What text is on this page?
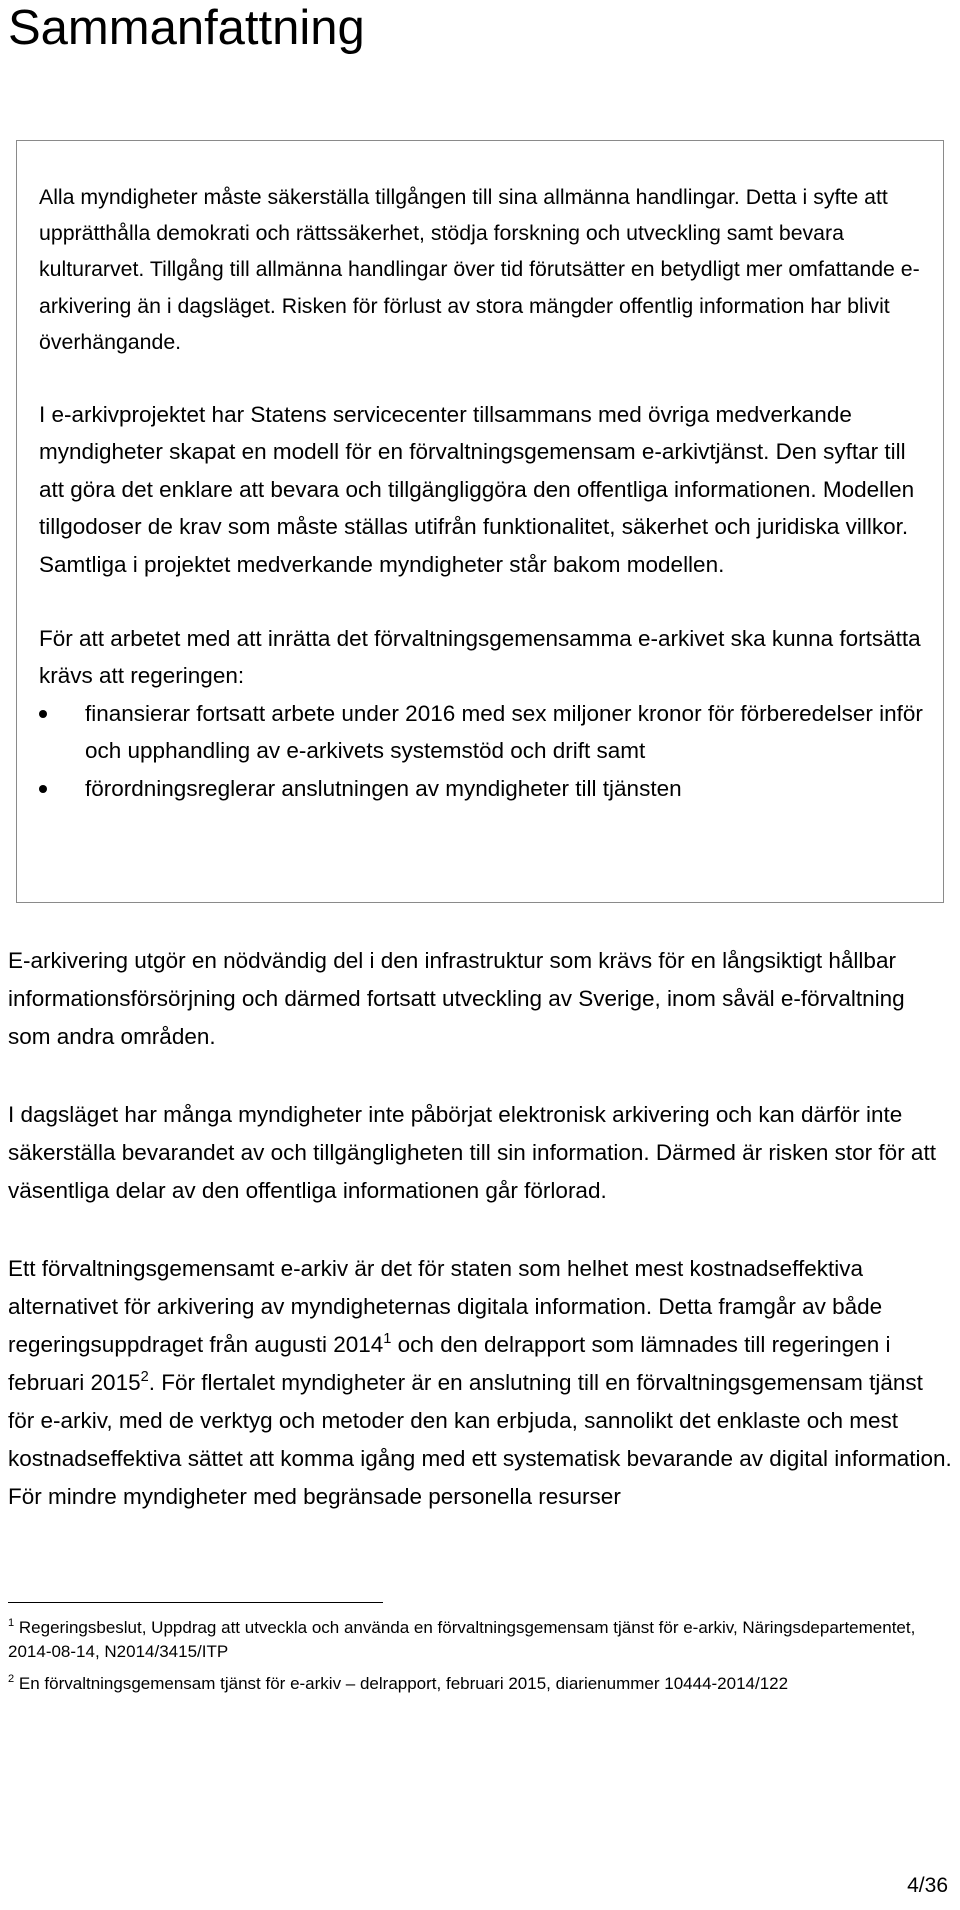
Sammanfattning

Alla myndigheter måste säkerställa tillgången till sina allmänna handlingar. Detta i syfte att upprätthålla demokrati och rättssäkerhet, stödja forskning och utveckling samt bevara kulturarvet. Tillgång till allmänna handlingar över tid förutsätter en betydligt mer omfattande e-arkivering än i dagsläget. Risken för förlust av stora mängder offentlig information har blivit överhängande.

I e-arkivprojektet har Statens servicecenter tillsammans med övriga medverkande myndigheter skapat en modell för en förvaltningsgemensam e-arkivtjänst. Den syftar till att göra det enklare att bevara och tillgängliggöra den offentliga informationen. Modellen tillgodoser de krav som måste ställas utifrån funktionalitet, säkerhet och juridiska villkor. Samtliga i projektet medverkande myndigheter står bakom modellen.

För att arbetet med att inrätta det förvaltningsgemensamma e-arkivet ska kunna fortsätta krävs att regeringen:

finansierar fortsatt arbete under 2016 med sex miljoner kronor för förberedelser inför och upphandling av e-arkivets systemstöd och drift samt
förordningsreglerar anslutningen av myndigheter till tjänsten

E-arkivering utgör en nödvändig del i den infrastruktur som krävs för en långsiktigt hållbar informationsförsörjning och därmed fortsatt utveckling av Sverige, inom såväl e-förvaltning som andra områden.

I dagsläget har många myndigheter inte påbörjat elektronisk arkivering och kan därför inte säkerställa bevarandet av och tillgängligheten till sin information. Därmed är risken stor för att väsentliga delar av den offentliga informationen går förlorad.

Ett förvaltningsgemensamt e-arkiv är det för staten som helhet mest kostnadseffektiva alternativet för arkivering av myndigheternas digitala information. Detta framgår av både regeringsuppdraget från augusti 2014$^1$ och den delrapport som lämnades till regeringen i februari 2015$^2$. För flertalet myndigheter är en anslutning till en förvaltningsgemensam tjänst för e-arkiv, med de verktyg och metoder den kan erbjuda, sannolikt det enklaste och mest kostnadseffektiva sättet att komma igång med ett systematisk bevarande av digital information. För mindre myndigheter med begränsade personella resurser

$^1$ Regeringsbeslut, Uppdrag att utveckla och använda en förvaltningsgemensam tjänst för e-arkiv, Näringsdepartementet, 2014-08-14, N2014/3415/ITP

$^2$ En förvaltningsgemensam tjänst för e-arkiv – delrapport, februari 2015, diarienummer 10444-2014/122

4/36
